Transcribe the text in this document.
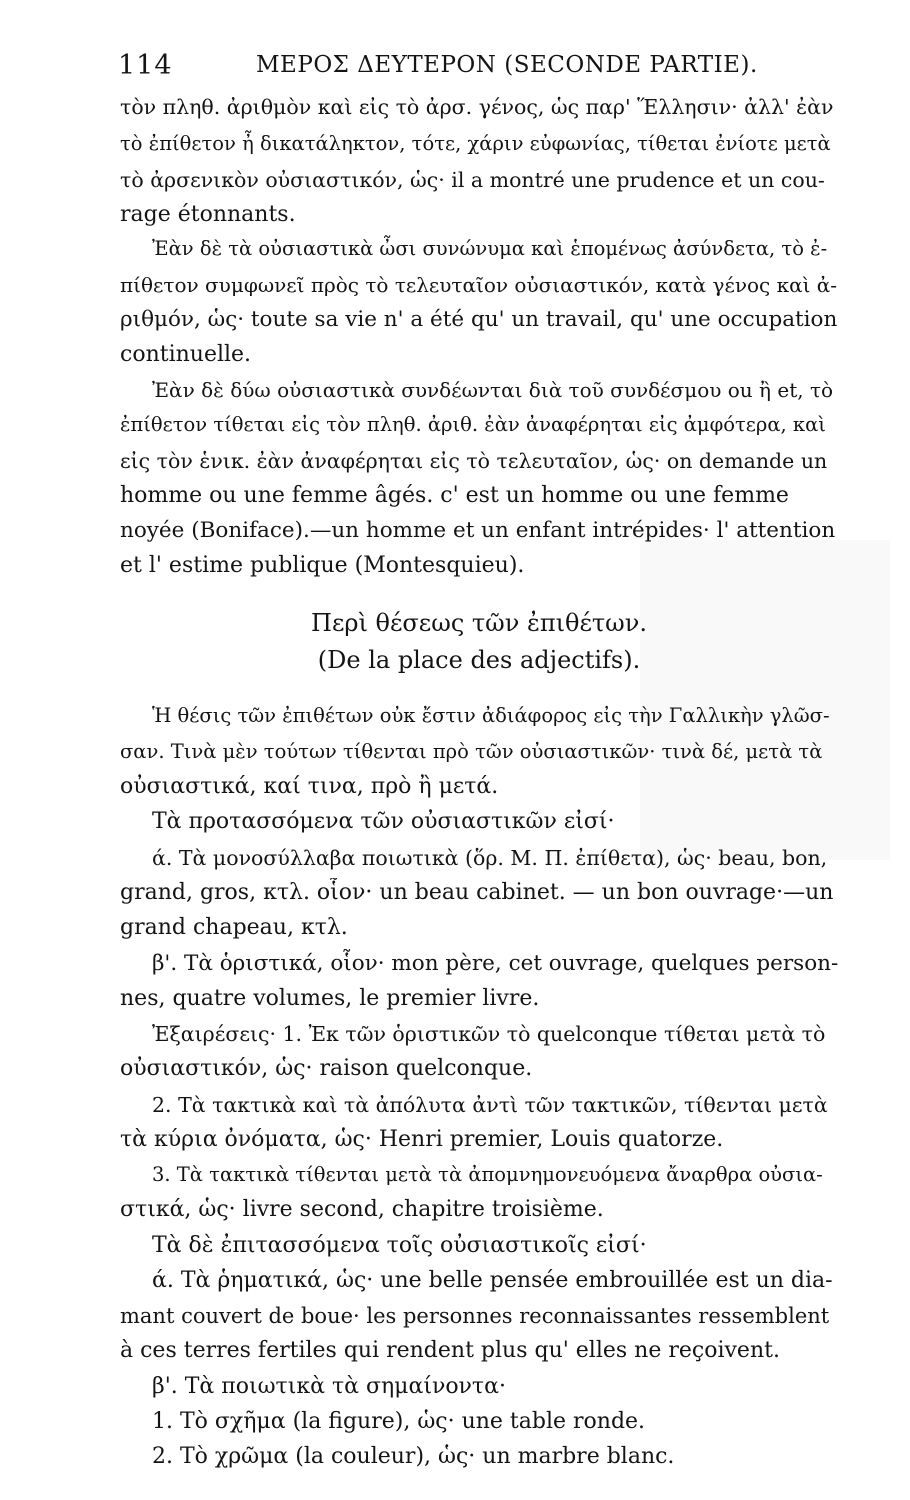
114	ΜΕΡΟΣ ΔΕΥΤΕΡΟΝ (SECONDE PARTIE).
τὸν πληθ. ἀριθμὸν καὶ εἰς τὸ ἀρσ. γένος, ὡς παρ' Ἕλλησιν· ἀλλ' ἐὰν
τὸ ἐπίθετον ἦ δικατάληκτον, τότε, χάριν εὐφωνίας, τίθεται ἐνίοτε μετὰ
τὸ ἀρσενικὸν οὐσιαστικόν, ὡς· il a montré une prudence et un cou-
rage étonnants.
Ἐὰν δὲ τὰ οὐσιαστικὰ ὦσι συνώνυμα καὶ ἑπομένως ἀσύνδετα, τὸ ἐ-
πίθετον συμφωνεῖ πρὸς τὸ τελευταῖον οὐσιαστικόν, κατὰ γένος καὶ ἀ-
ριθμόν, ὡς· toute sa vie n' a été qu' un travail, qu' une occupation
continuelle.
Ἐὰν δὲ δύω οὐσιαστικὰ συνδέωνται διὰ τοῦ συνδέσμου ou ἢ et, τὸ
ἐπίθετον τίθεται εἰς τὸν πληθ. ἀριθ. ἐὰν ἀναφέρηται εἰς ἀμφότερα, καὶ
εἰς τὸν ἑνικ. ἐὰν ἀναφέρηται εἰς τὸ τελευταῖον, ὡς· on demande un
homme ou une femme âgés. c' est un homme ou une femme
noyée (Boniface).—un homme et un enfant intrépides· l' attention
et l' estime publique (Montesquieu).
Περὶ θέσεως τῶν ἐπιθέτων.
(De la place des adjectifs).
Ἡ θέσις τῶν ἐπιθέτων οὐκ ἔστιν ἀδιάφορος εἰς τὴν Γαλλικὴν γλῶσ-
σαν. Τινὰ μὲν τούτων τίθενται πρὸ τῶν οὐσιαστικῶν· τινὰ δέ, μετὰ τὰ
οὐσιαστικά, καί τινα, πρὸ ἢ μετά.
Τὰ προτασσόμενα τῶν οὐσιαστικῶν εἰσί·
ά. Τὰ μονοσύλλαβα ποιωτικὰ (ὅρ. Μ. Π. ἐπίθετα), ὡς· beau, bon,
grand, gros, κτλ. οἷον· un beau cabinet. — un bon ouvrage·—un
grand chapeau, κτλ.
β'. Τὰ ὁριστικά, οἷον· mon père, cet ouvrage, quelques person-
nes, quatre volumes, le premier livre.
Ἐξαιρέσεις· 1. Ἐκ τῶν ὁριστικῶν τὸ quelconque τίθεται μετὰ τὸ
οὐσιαστικόν, ὡς· raison quelconque.
2. Τὰ τακτικὰ καὶ τὰ ἀπόλυτα ἀντὶ τῶν τακτικῶν, τίθενται μετὰ
τὰ κύρια ὀνόματα, ὡς· Henri premier, Louis quatorze.
3. Τὰ τακτικὰ τίθενται μετὰ τὰ ἀπομνημονευόμενα ἄναρθρα οὐσια-
στικά, ὡς· livre second, chapitre troisième.
Τὰ δὲ ἐπιτασσόμενα τοῖς οὐσιαστικοῖς εἰσί·
ά. Τὰ ῥηματικά, ὡς· une belle pensée embrouillée est un dia-
mant couvert de boue· les personnes reconnaissantes ressemblent
à ces terres fertiles qui rendent plus qu' elles ne reçoivent.
β'. Τὰ ποιωτικὰ τὰ σημαίνοντα·
1. Τὸ σχῆμα (la figure), ὡς· une table ronde.
2. Τὸ χρῶμα (la couleur), ὡς· un marbre blanc.
